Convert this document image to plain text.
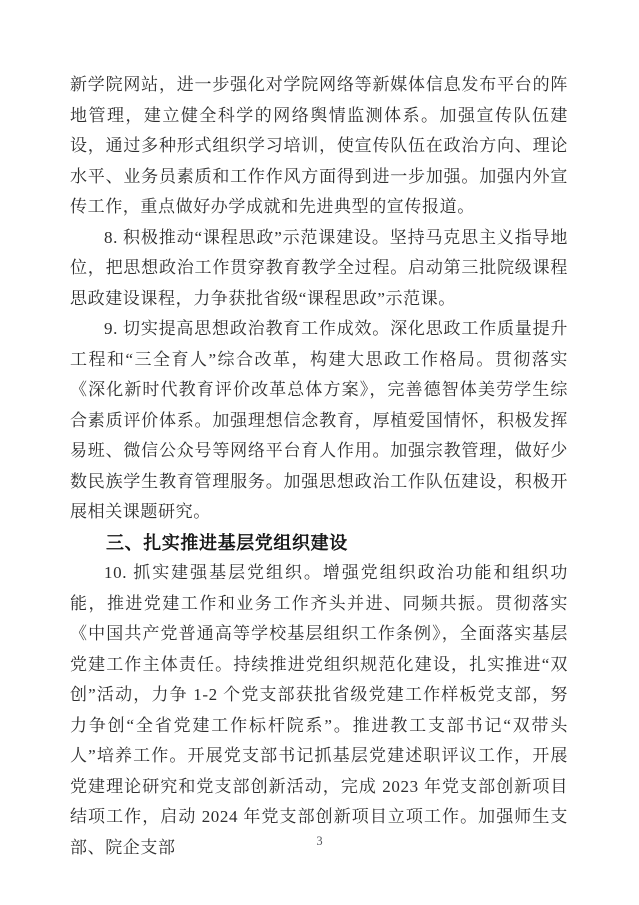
新学院网站，进一步强化对学院网络等新媒体信息发布平台的阵地管理，建立健全科学的网络舆情监测体系。加强宣传队伍建设，通过多种形式组织学习培训，使宣传队伍在政治方向、理论水平、业务员素质和工作作风方面得到进一步加强。加强内外宣传工作，重点做好办学成就和先进典型的宣传报道。

8. 积极推动“课程思政”示范课建设。坚持马克思主义指导地位，把思想政治工作贯穿教育教学全过程。启动第三批院级课程思政建设课程，力争获批省级“课程思政”示范课。

9. 切实提高思想政治教育工作成效。深化思政工作质量提升工程和“三全育人”综合改革，构建大思政工作格局。贯彻落实《深化新时代教育评价改革总体方案》，完善德智体美劳学生综合素质评价体系。加强理想信念教育，厚植爱国情怀，积极发挥易班、微信公众号等网络平台育人作用。加强宗教管理，做好少数民族学生教育管理服务。加强思想政治工作队伍建设，积极开展相关课题研究。

三、扎实推进基层党组织建设

10. 抓实建强基层党组织。增强党组织政治功能和组织功能，推进党建工作和业务工作齐头并进、同频共振。贯彻落实《中国共产党普通高等学校基层组织工作条例》，全面落实基层党建工作主体责任。持续推进党组织规范化建设，扎实推进“双创”活动，力争 1-2 个党支部获批省级党建工作样板党支部，努力争创“全省党建工作标杆院系”。推进教工支部书记“双带头人”培养工作。开展党支部书记抓基层党建述职评议工作，开展党建理论研究和党支部创新活动，完成 2023 年党支部创新项目结项工作，启动 2024 年党支部创新项目立项工作。加强师生支部、院企支部	3
